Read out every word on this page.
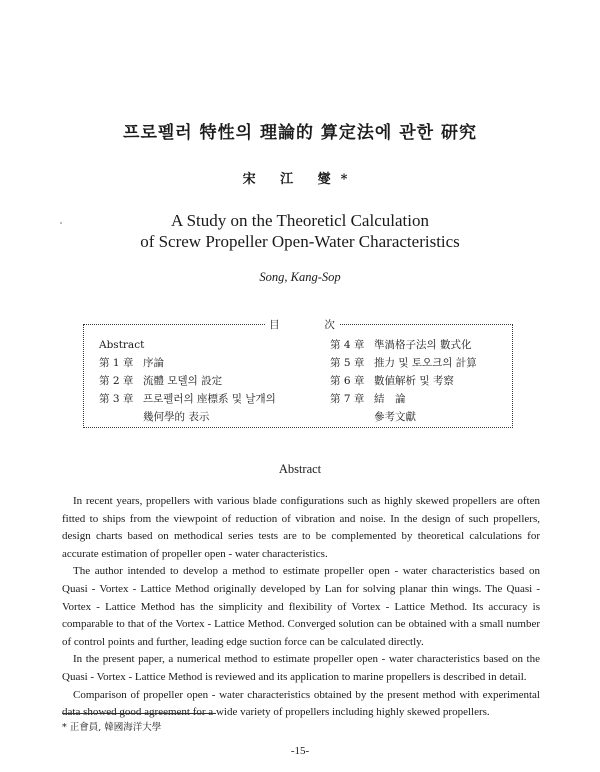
프로펠러 特性의 理論的 算定法에 관한 研究
宋 江 燮*
A Study on the Theoreticl Calculation
of Screw Propeller Open-Water Characteristics
Song, Kang-Sop
目	次
Abstract
第 1 章 序論
第 2 章 流體 모델의 設定
第 3 章 프로펠러의 座標系 및 날개의
幾何學的 表示
第 4 章 準渦格子法의 數式化
第 5 章 推力 및 토오크의 計算
第 6 章 數値解析 및 考察
第 7 章 結　論
參考文獻
Abstract

In recent years, propellers with various blade configurations such as highly skewed propellers are often fitted to ships from the viewpoint of reduction of vibration and noise. In the design of such propellers, design charts based on methodical series tests are to be complemented by theoretical calculations for accurate estimation of propeller open - water characteristics.

The author intended to develop a method to estimate propeller open - water characteristics based on Quasi - Vortex - Lattice Method originally developed by Lan for solving planar thin wings. The Quasi - Vortex - Lattice Method has the simplicity and flexibility of Vortex - Lattice Method. Its accuracy is comparable to that of the Vortex - Lattice Method. Converged solution can be obtained with a small number of control points and further, leading edge suction force can be calculated directly.

In the present paper, a numerical method to estimate propeller open - water characteristics based on the Quasi - Vortex - Lattice Method is reviewed and its application to marine propellers is described in detail.

Comparison of propeller open - water characteristics obtained by the present method with experimental data showed good agreement for a wide variety of propellers including highly skewed propellers.

* 正會員, 韓國海洋大學
-15-
